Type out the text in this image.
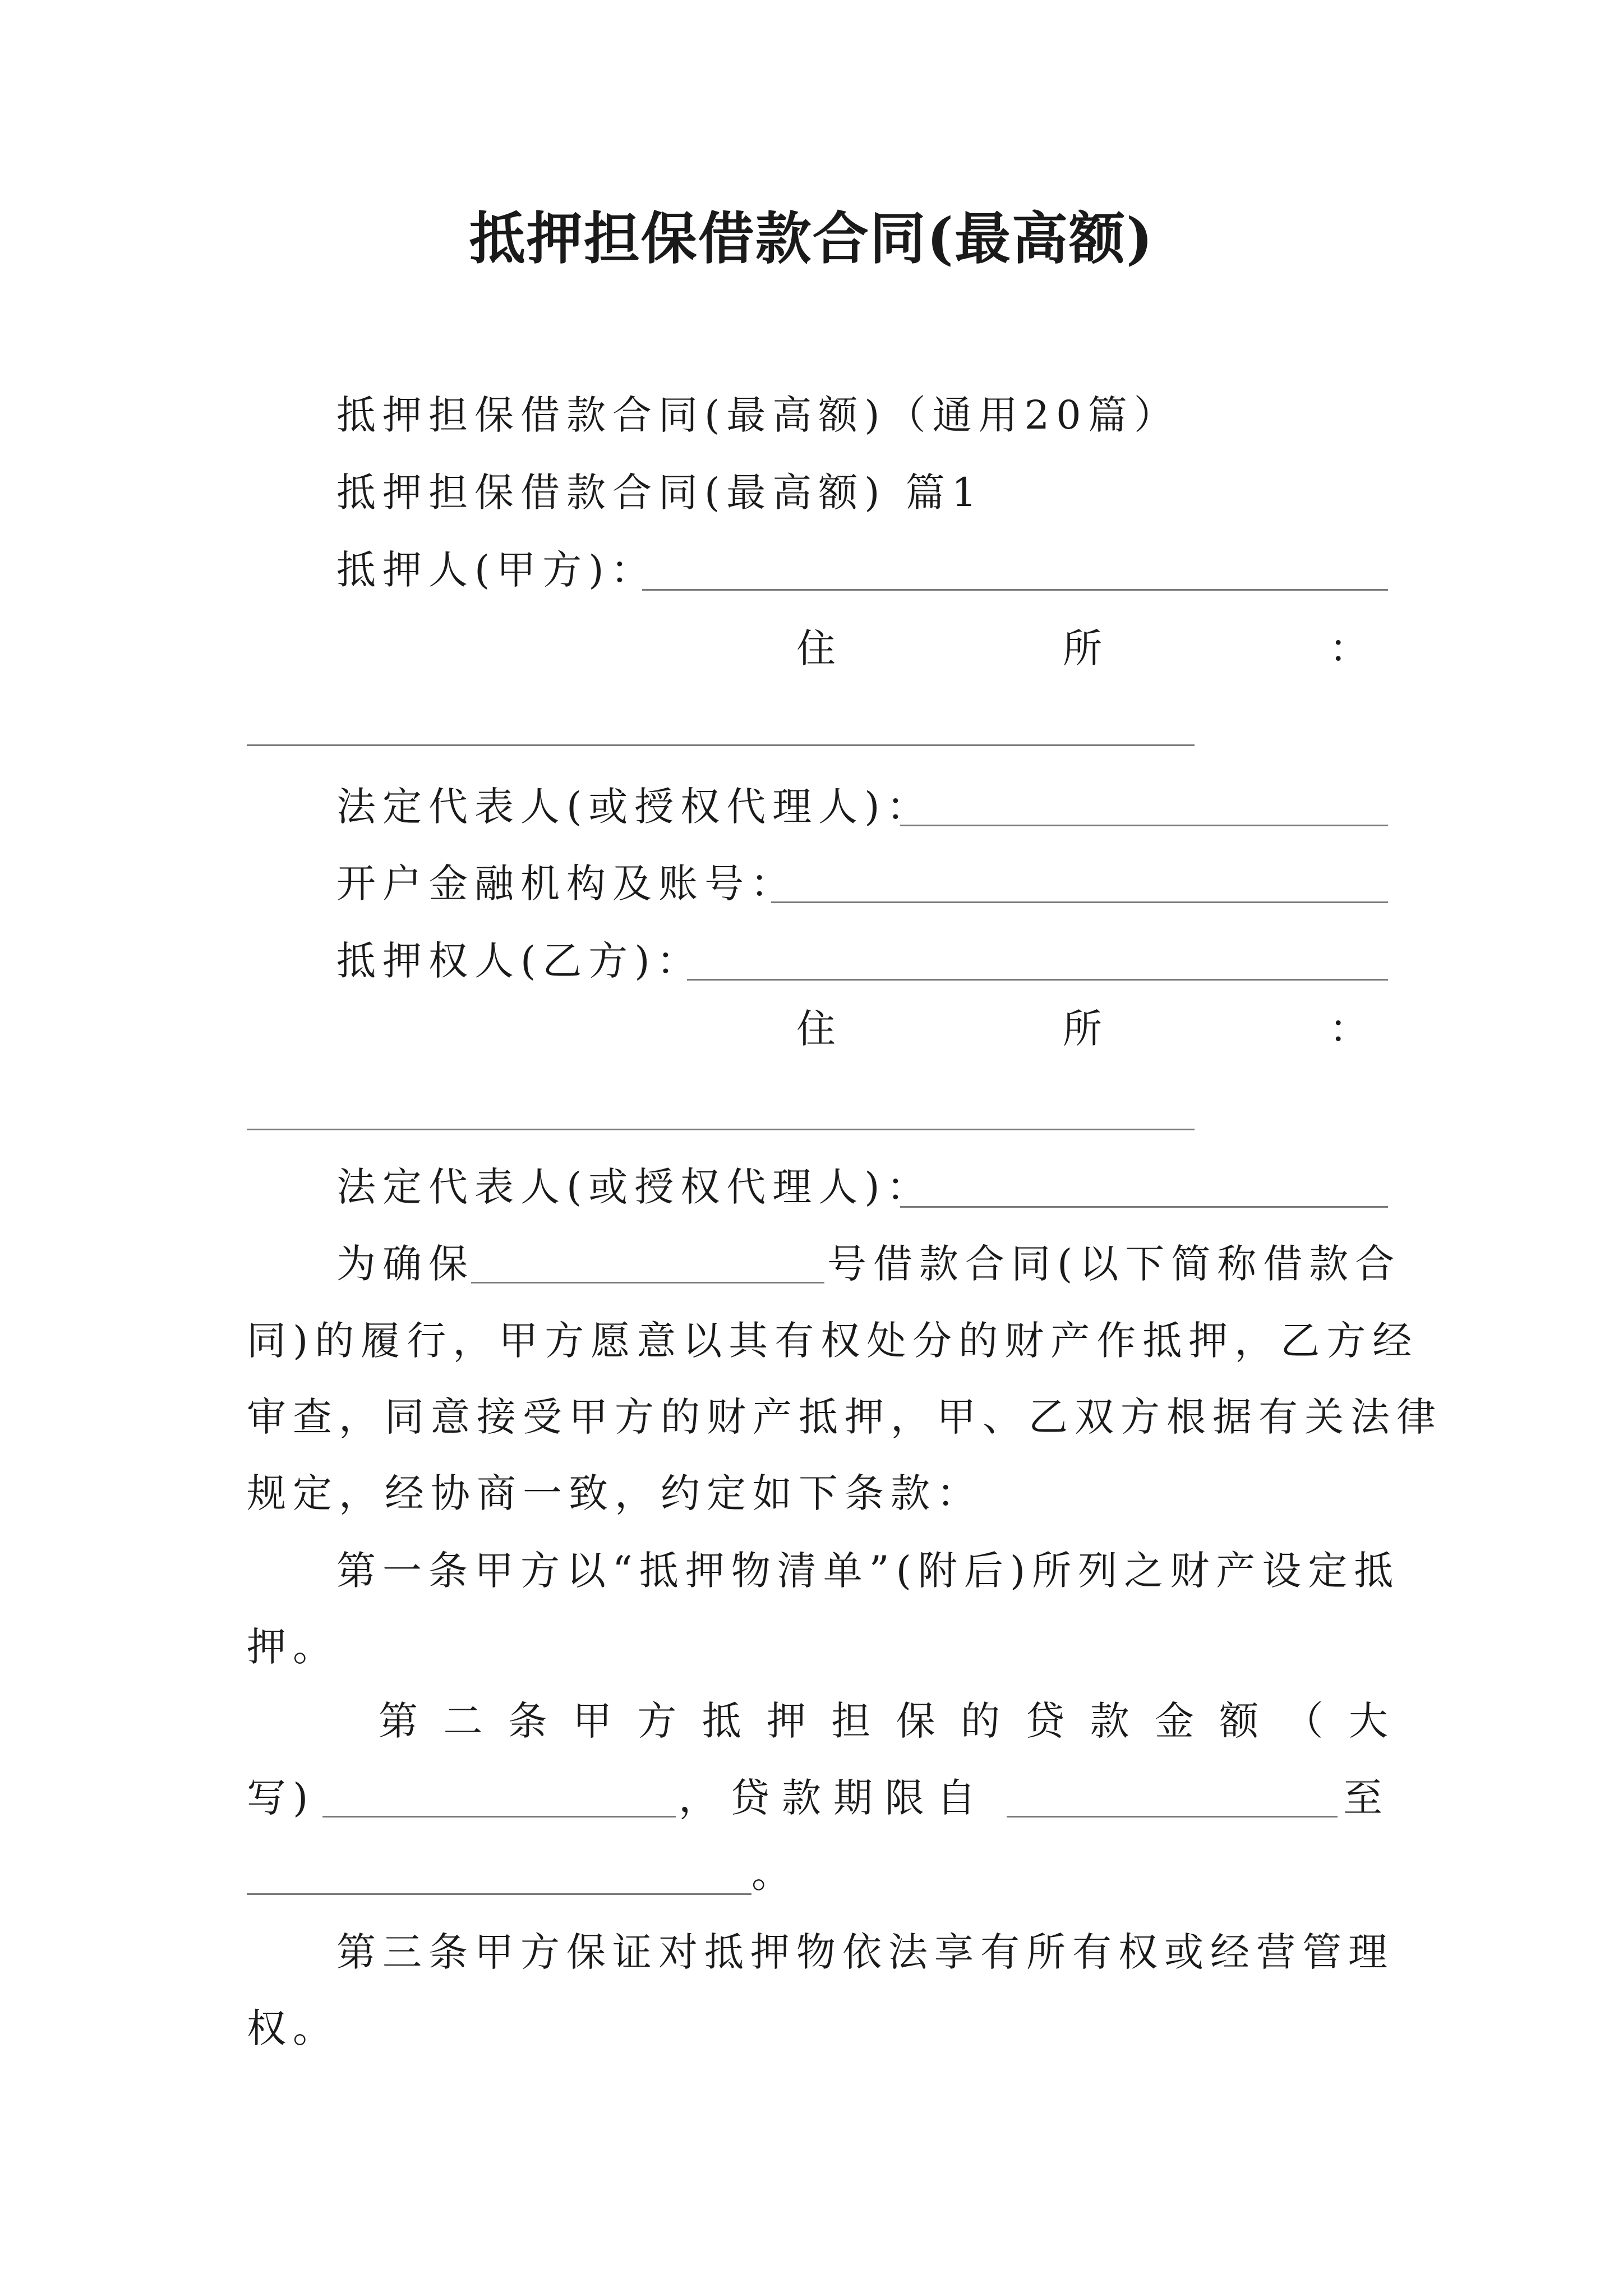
抵押担保借款合同(最高额)
抵押担保借款合同(最高额)（通用20篇）
抵押担保借款合同(最高额) 篇1
抵押人(甲方)：
住	所	：
法定代表人(或授权代理人)：
开户金融机构及账号：
抵押权人(乙方)：
住	所	：
法定代表人(或授权代理人)：
为确保	号借款合同(以下简称借款合
同)的履行，甲方愿意以其有权处分的财产作抵押，乙方经
审查，同意接受甲方的财产抵押，甲、乙双方根据有关法律
规定，经协商一致，约定如下条款：
第一条甲方以“抵押物清单”(附后)所列之财产设定抵
押。
第 二 条 甲 方 抵 押 担 保 的 贷 款 金 额 （ 大
写)	，贷款期限自	至
。
第三条甲方保证对抵押物依法享有所有权或经营管理
权。
